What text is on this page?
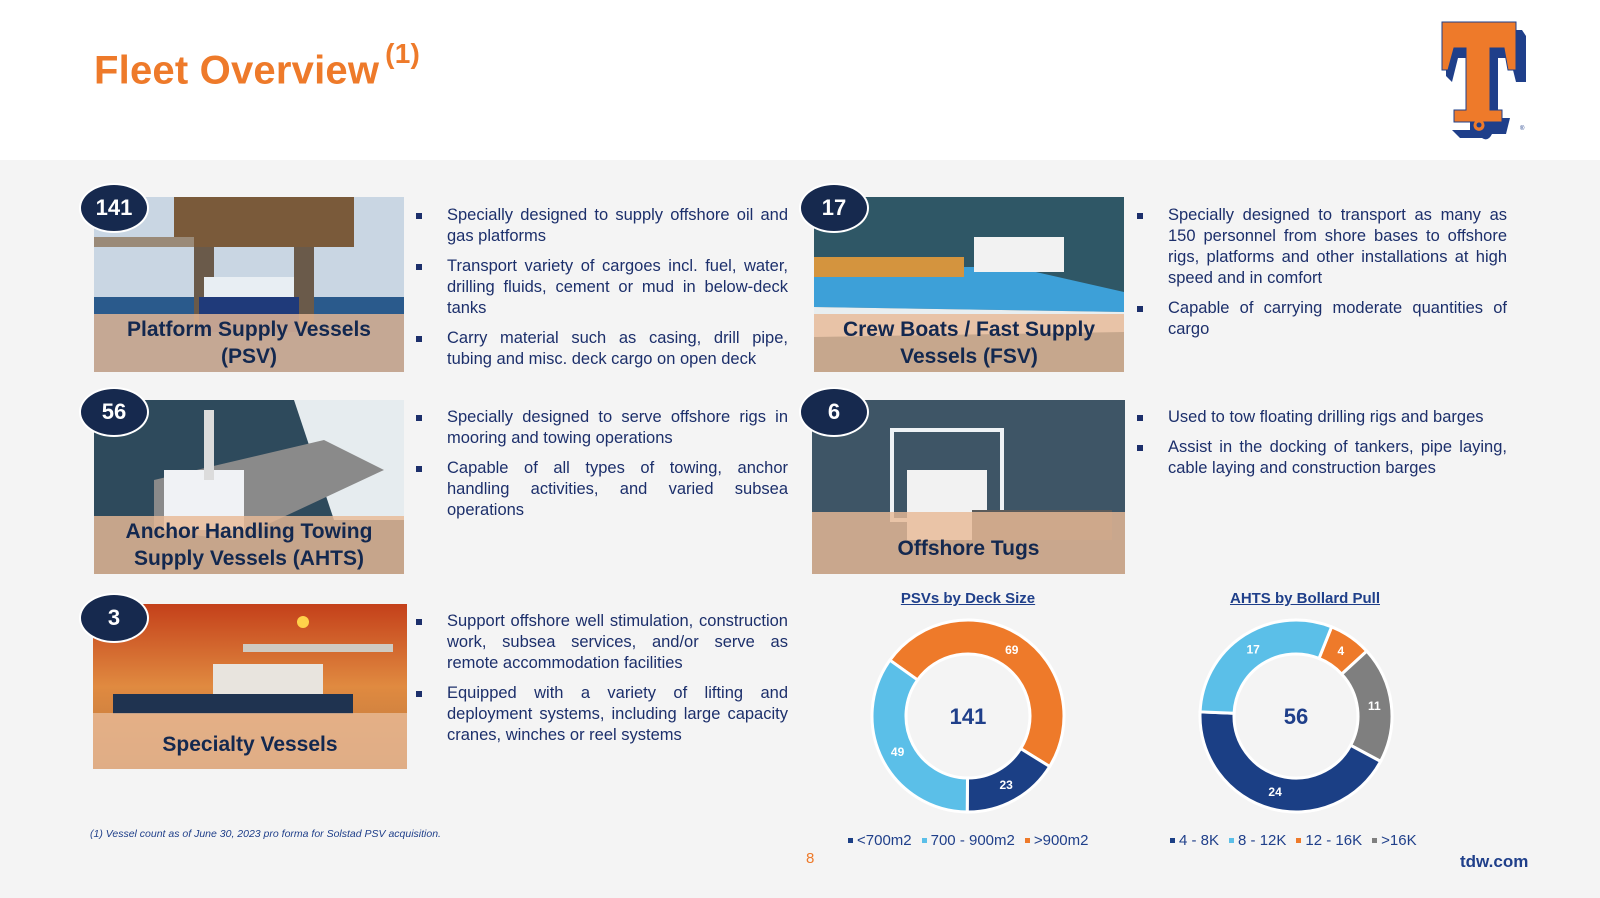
Fleet Overview $^{(1)}$
®
141
Platform Supply Vessels
(PSV)
Specially designed to supply offshore oil and gas platforms
Transport variety of cargoes incl. fuel, water, drilling fluids, cement or mud in below-deck tanks
Carry material such as casing, drill pipe, tubing and misc. deck cargo on open deck
17
Crew Boats / Fast Supply
Vessels (FSV)
Specially designed to transport as many as 150 personnel from shore bases to offshore rigs, platforms and other installations at high speed and in comfort
Capable of carrying moderate quantities of cargo
56
Anchor Handling Towing
Supply Vessels (AHTS)
Specially designed to serve offshore rigs in mooring and towing operations
Capable of all types of towing, anchor handling activities, and varied subsea operations
6
Offshore Tugs
Used to tow floating drilling rigs and barges
Assist in the docking of tankers, pipe laying, cable laying and construction barges
3
Specialty Vessels
Support offshore well stimulation, construction work, subsea services, and/or serve as remote accommodation facilities
Equipped with a variety of lifting and deployment systems, including large capacity cranes, winches or reel systems
PSVs by Deck Size
69
23
49
141
<700m2 700 - 900m2 >900m2
AHTS by Bollard Pull
4
11
24
17
56
4 - 8K 8 - 12K 12 - 16K >16K
(1) Vessel count as of June 30, 2023 pro forma for Solstad PSV acquisition.
8	tdw.com
